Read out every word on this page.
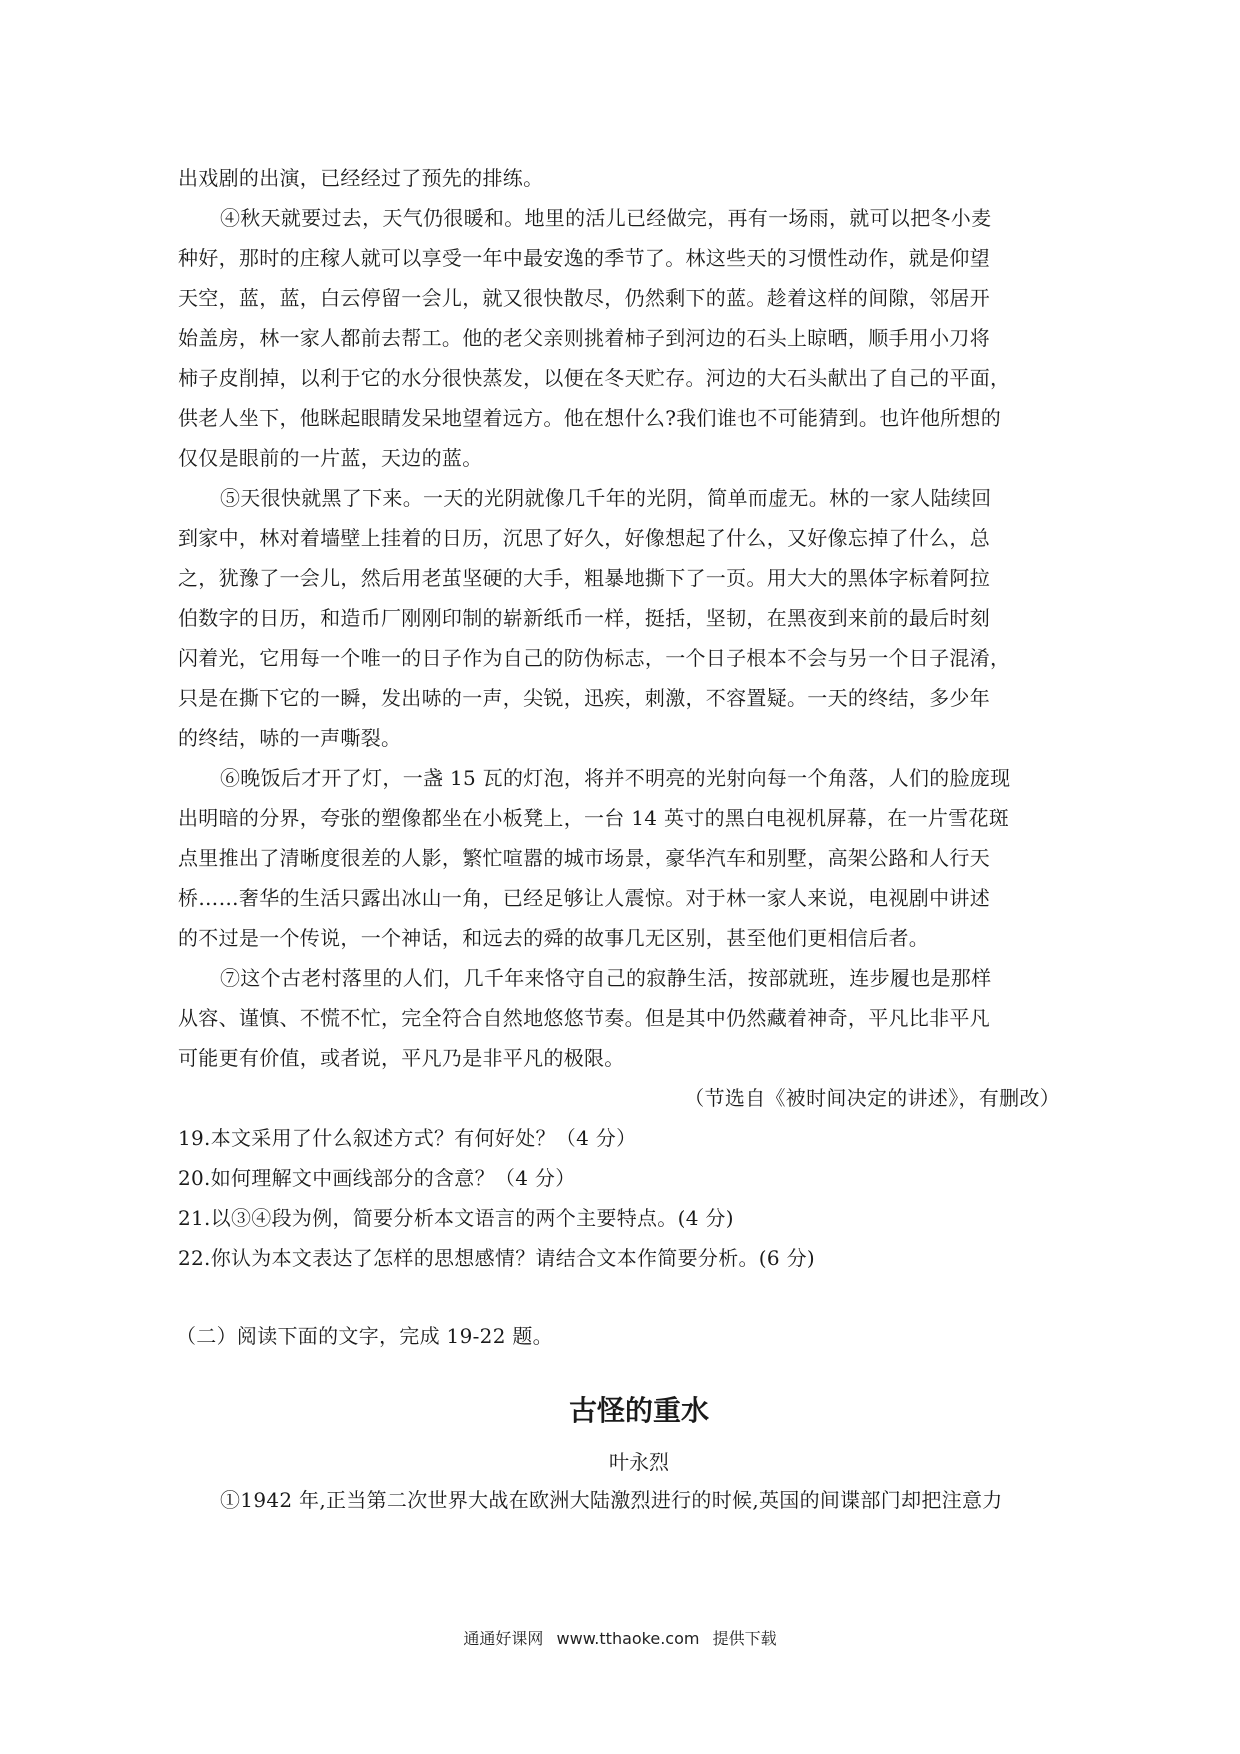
出戏剧的出演，已经经过了预先的排练。
④秋天就要过去，天气仍很暖和。地里的活儿已经做完，再有一场雨，就可以把冬小麦
种好，那时的庄稼人就可以享受一年中最安逸的季节了。林这些天的习惯性动作，就是仰望
天空，蓝，蓝，白云停留一会儿，就又很快散尽，仍然剩下的蓝。趁着这样的间隙，邻居开
始盖房，林一家人都前去帮工。他的老父亲则挑着柿子到河边的石头上晾晒，顺手用小刀将
柿子皮削掉，以利于它的水分很快蒸发，以便在冬天贮存。河边的大石头献出了自己的平面，
供老人坐下，他眯起眼睛发呆地望着远方。他在想什么?我们谁也不可能猜到。也许他所想的
仅仅是眼前的一片蓝，天边的蓝。
⑤天很快就黑了下来。一天的光阴就像几千年的光阴，简单而虚无。林的一家人陆续回
到家中，林对着墙壁上挂着的日历，沉思了好久，好像想起了什么，又好像忘掉了什么，总
之，犹豫了一会儿，然后用老茧坚硬的大手，粗暴地撕下了一页。用大大的黑体字标着阿拉
伯数字的日历，和造币厂刚刚印制的崭新纸币一样，挺括，坚韧，在黑夜到来前的最后时刻
闪着光，它用每一个唯一的日子作为自己的防伪标志，一个日子根本不会与另一个日子混淆，
只是在撕下它的一瞬，发出哧的一声，尖锐，迅疾，刺激，不容置疑。一天的终结，多少年
的终结，哧的一声嘶裂。
⑥晚饭后才开了灯，一盏 15 瓦的灯泡，将并不明亮的光射向每一个角落，人们的脸庞现
出明暗的分界，夸张的塑像都坐在小板凳上，一台 14 英寸的黑白电视机屏幕，在一片雪花斑
点里推出了清晰度很差的人影，繁忙喧嚣的城市场景，豪华汽车和别墅，高架公路和人行天
桥……奢华的生活只露出冰山一角，已经足够让人震惊。对于林一家人来说，电视剧中讲述
的不过是一个传说，一个神话，和远去的舜的故事几无区别，甚至他们更相信后者。
⑦这个古老村落里的人们，几千年来恪守自己的寂静生活，按部就班，连步履也是那样
从容、谨慎、不慌不忙，完全符合自然地悠悠节奏。但是其中仍然藏着神奇，平凡比非平凡
可能更有价值，或者说，平凡乃是非平凡的极限。
（节选自《被时间决定的讲述》，有删改）
19.本文采用了什么叙述方式？有何好处？（4 分）
20.如何理解文中画线部分的含意？（4 分）
21.以③④段为例，简要分析本文语言的两个主要特点。(4 分)
22.你认为本文表达了怎样的思想感情？请结合文本作简要分析。(6 分)
（二）阅读下面的文字，完成 19-22 题。
古怪的重水
叶永烈
①1942 年,正当第二次世界大战在欧洲大陆激烈进行的时候,英国的间谍部门却把注意力
通通好课网 www.tthaoke.com 提供下载
